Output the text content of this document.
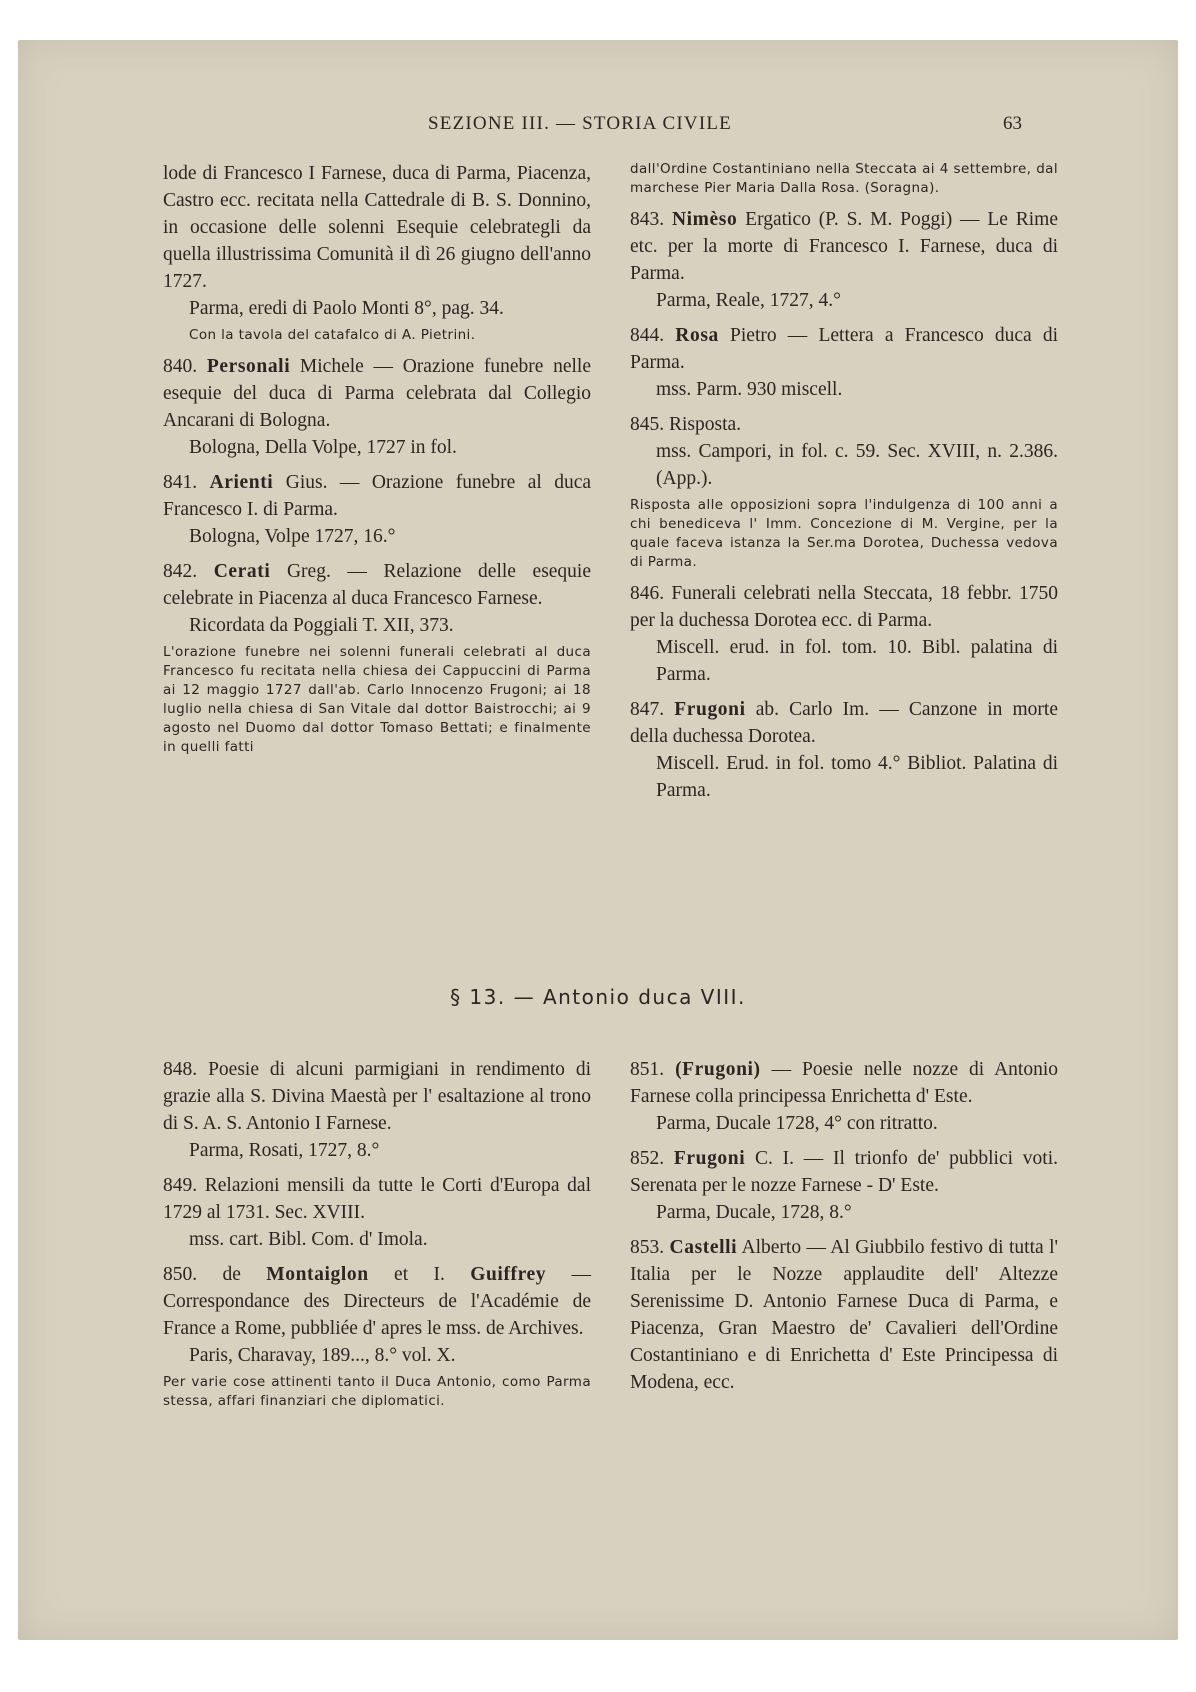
SEZIONE III. — STORIA CIVILE	63

lode di Francesco I Farnese, duca di Parma, Piacenza, Castro ecc. recitata nella Cattedrale di B. S. Donnino, in occasione delle solenni Esequie celebrategli da quella illustrissima Comunità il dì 26 giugno dell'anno 1727.

Parma, eredi di Paolo Monti 8°, pag. 34.

Con la tavola del catafalco di A. Pietrini.

840. Personali Michele — Orazione funebre nelle esequie del duca di Parma celebrata dal Collegio Ancarani di Bologna.

Bologna, Della Volpe, 1727 in fol.

841. Arienti Gius. — Orazione funebre al duca Francesco I. di Parma.

Bologna, Volpe 1727, 16.°

842. Cerati Greg. — Relazione delle esequie celebrate in Piacenza al duca Francesco Farnese.

Ricordata da Poggiali T. XII, 373.

L'orazione funebre nei solenni funerali celebrati al duca Francesco fu recitata nella chiesa dei Cappuccini di Parma ai 12 maggio 1727 dall'ab. Carlo Innocenzo Frugoni; ai 18 luglio nella chiesa di San Vitale dal dottor Baistrocchi; ai 9 agosto nel Duomo dal dottor Tomaso Bettati; e finalmente in quelli fatti
dall'Ordine Costantiniano nella Steccata ai 4 settembre, dal marchese Pier Maria Dalla Rosa. (Soragna).

843. Nimèso Ergatico (P. S. M. Poggi) — Le Rime etc. per la morte di Francesco I. Farnese, duca di Parma.

Parma, Reale, 1727, 4.°

844. Rosa Pietro — Lettera a Francesco duca di Parma.

mss. Parm. 930 miscell.

845. Risposta.

mss. Campori, in fol. c. 59. Sec. XVIII, n. 2.386. (App.).

Risposta alle opposizioni sopra l'indulgenza di 100 anni a chi benediceva l' Imm. Concezione di M. Vergine, per la quale faceva istanza la Ser.ma Dorotea, Duchessa vedova di Parma.

846. Funerali celebrati nella Steccata, 18 febbr. 1750 per la duchessa Dorotea ecc. di Parma.

Miscell. erud. in fol. tom. 10. Bibl. palatina di Parma.

847. Frugoni ab. Carlo Im. — Canzone in morte della duchessa Dorotea.

Miscell. Erud. in fol. tomo 4.° Bibliot. Palatina di Parma.

§ 13. — Antonio duca VIII.

848. Poesie di alcuni parmigiani in rendimento di grazie alla S. Divina Maestà per l' esaltazione al trono di S. A. S. Antonio I Farnese.

Parma, Rosati, 1727, 8.°

849. Relazioni mensili da tutte le Corti d'Europa dal 1729 al 1731. Sec. XVIII.

mss. cart. Bibl. Com. d' Imola.

850. de Montaiglon et I. Guiffrey — Correspondance des Directeurs de l'Académie de France a Rome, pubbliée d' apres le mss. de Archives.

Paris, Charavay, 189..., 8.° vol. X.

Per varie cose attinenti tanto il Duca Antonio, como Parma stessa, affari finanziari che diplomatici.

851. (Frugoni) — Poesie nelle nozze di Antonio Farnese colla principessa Enrichetta d' Este.

Parma, Ducale 1728, 4° con ritratto.

852. Frugoni C. I. — Il trionfo de' pubblici voti. Serenata per le nozze Farnese - D' Este.

Parma, Ducale, 1728, 8.°

853. Castelli Alberto — Al Giubbilo festivo di tutta l' Italia per le Nozze applaudite dell' Altezze Serenissime D. Antonio Farnese Duca di Parma, e Piacenza, Gran Maestro de' Cavalieri dell'Ordine Costantiniano e di Enrichetta d' Este Principessa di Modena, ecc.
